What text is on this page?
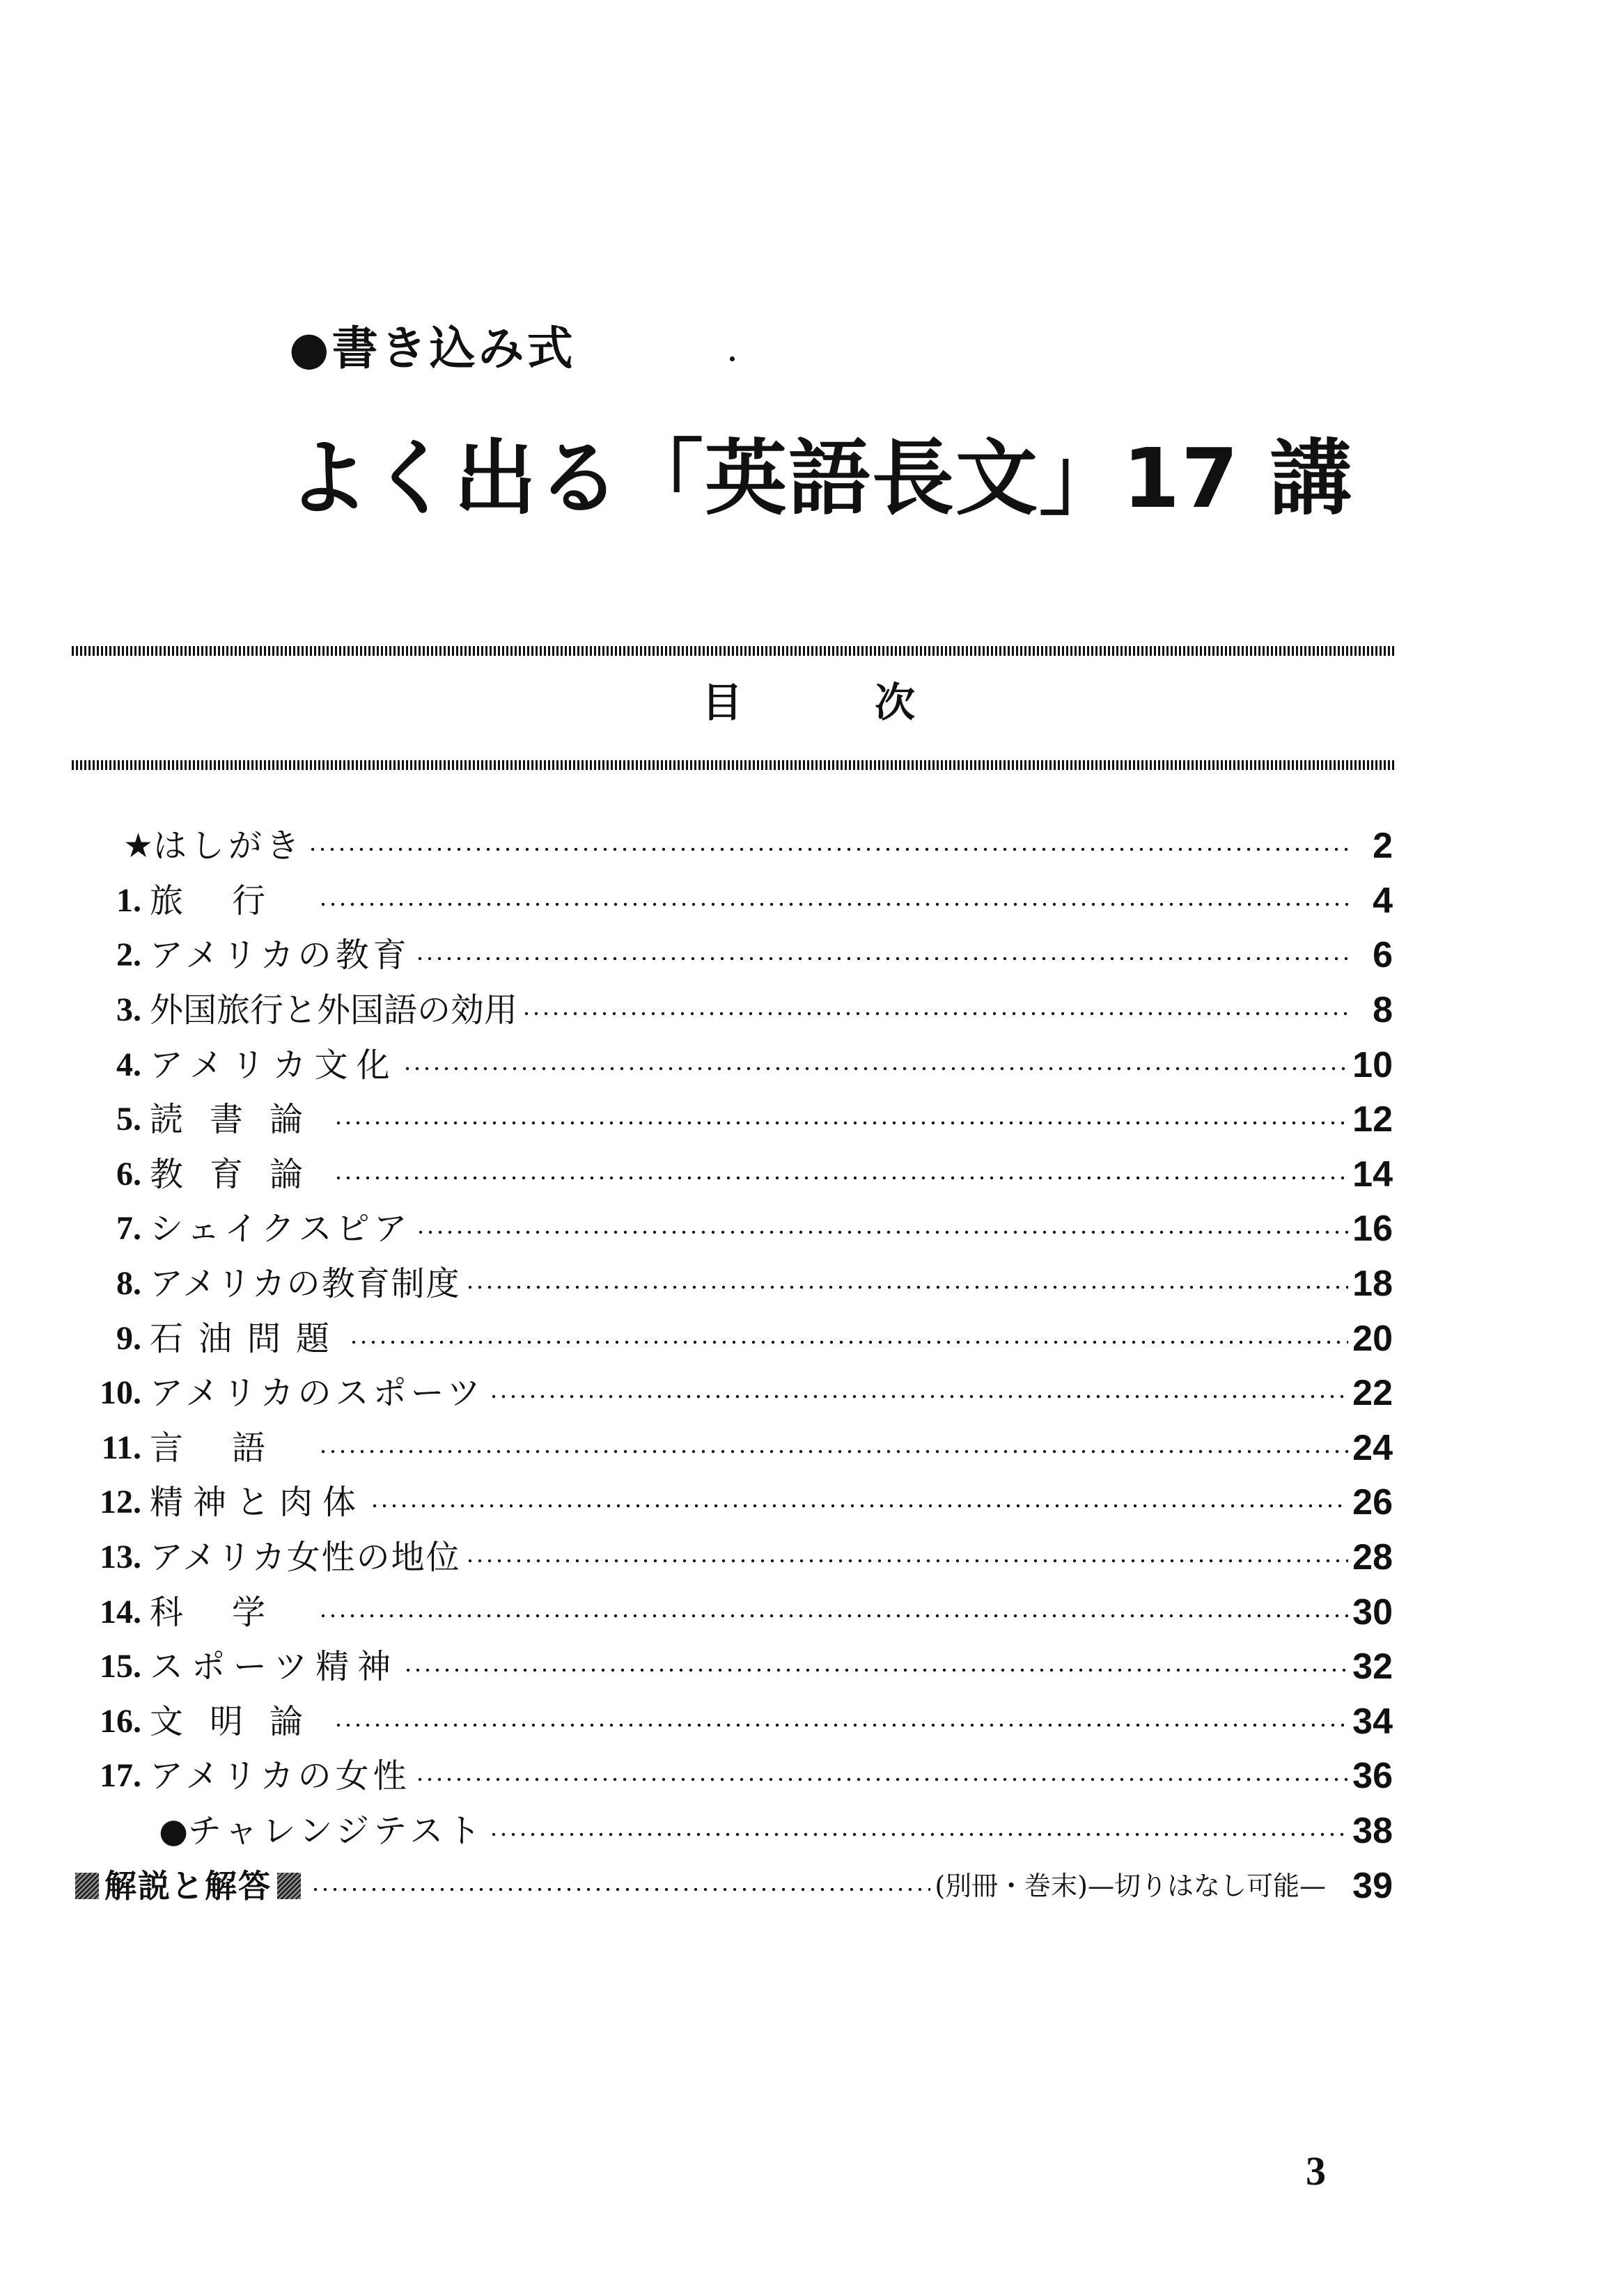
●書き込み式
よく出る「英語長文」17 講
目	次
★ はしがき	2
1. 旅行	4
2. アメリカの教育	6
3. 外国旅行と外国語の効用	8
4. アメリカ文化	10
5. 読書論	12
6. 教育論	14
7. シェイクスピア	16
8. アメリカの教育制度	18
9. 石油問題	20
10. アメリカのスポーツ	22
11. 言語	24
12. 精神と肉体	26
13. アメリカ女性の地位	28
14. 科学	30
15. スポーツ精神	32
16. 文明論	34
17. アメリカの女性	36
● チャレンジテスト	38
解説と解答	(別冊・巻末)—切りはなし可能— 39
3
